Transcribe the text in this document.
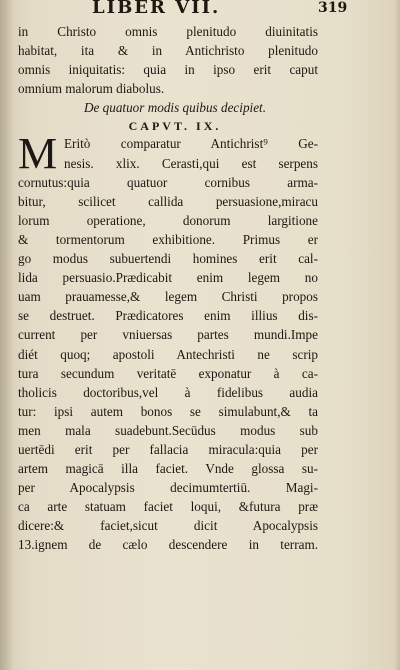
LIBER VII.	319
in Christo omnis plenitudo diuinitatis
habitat, ita & in Antichristo plenitudo
omnis iniquitatis: quia in ipso erit caput
omnium malorum diabolus.
De quatuor modis quibus decipiet.
CAPVT. IX.
M Eritò comparatur Antichrist⁹ Ge-
nesis. xlix. Cerasti,qui est serpens
cornutus:quia quatuor cornibus arma-
bitur, scilicet callida persuasione,miracu
lorum operatione, donorum largitione
& tormentorum exhibitione. Primus er
go modus subuertendi homines erit cal-
lida persuasio.Prædicabit enim legem no
uam prauamesse,& legem Christi propos
se destruet. Prædicatores enim illius dis-
current per vniuersas partes mundi.Impe
diét quoq; apostoli Antechristi ne scrip
tura secundum veritatē exponatur à ca-
tholicis doctoribus,vel à fidelibus audia
tur: ipsi autem bonos se simulabunt,& ta
men mala suadebunt.Secūdus modus sub
uertēdi erit per fallacia miracula:quia per
artem magicā illa faciet. Vnde glossa su-
per Apocalypsis decimumtertiū. Magi-
ca arte statuam faciet loqui, &futura præ
dicere:& faciet,sicut dicit Apocalypsis
13.ignem de cælo descendere in terram.
